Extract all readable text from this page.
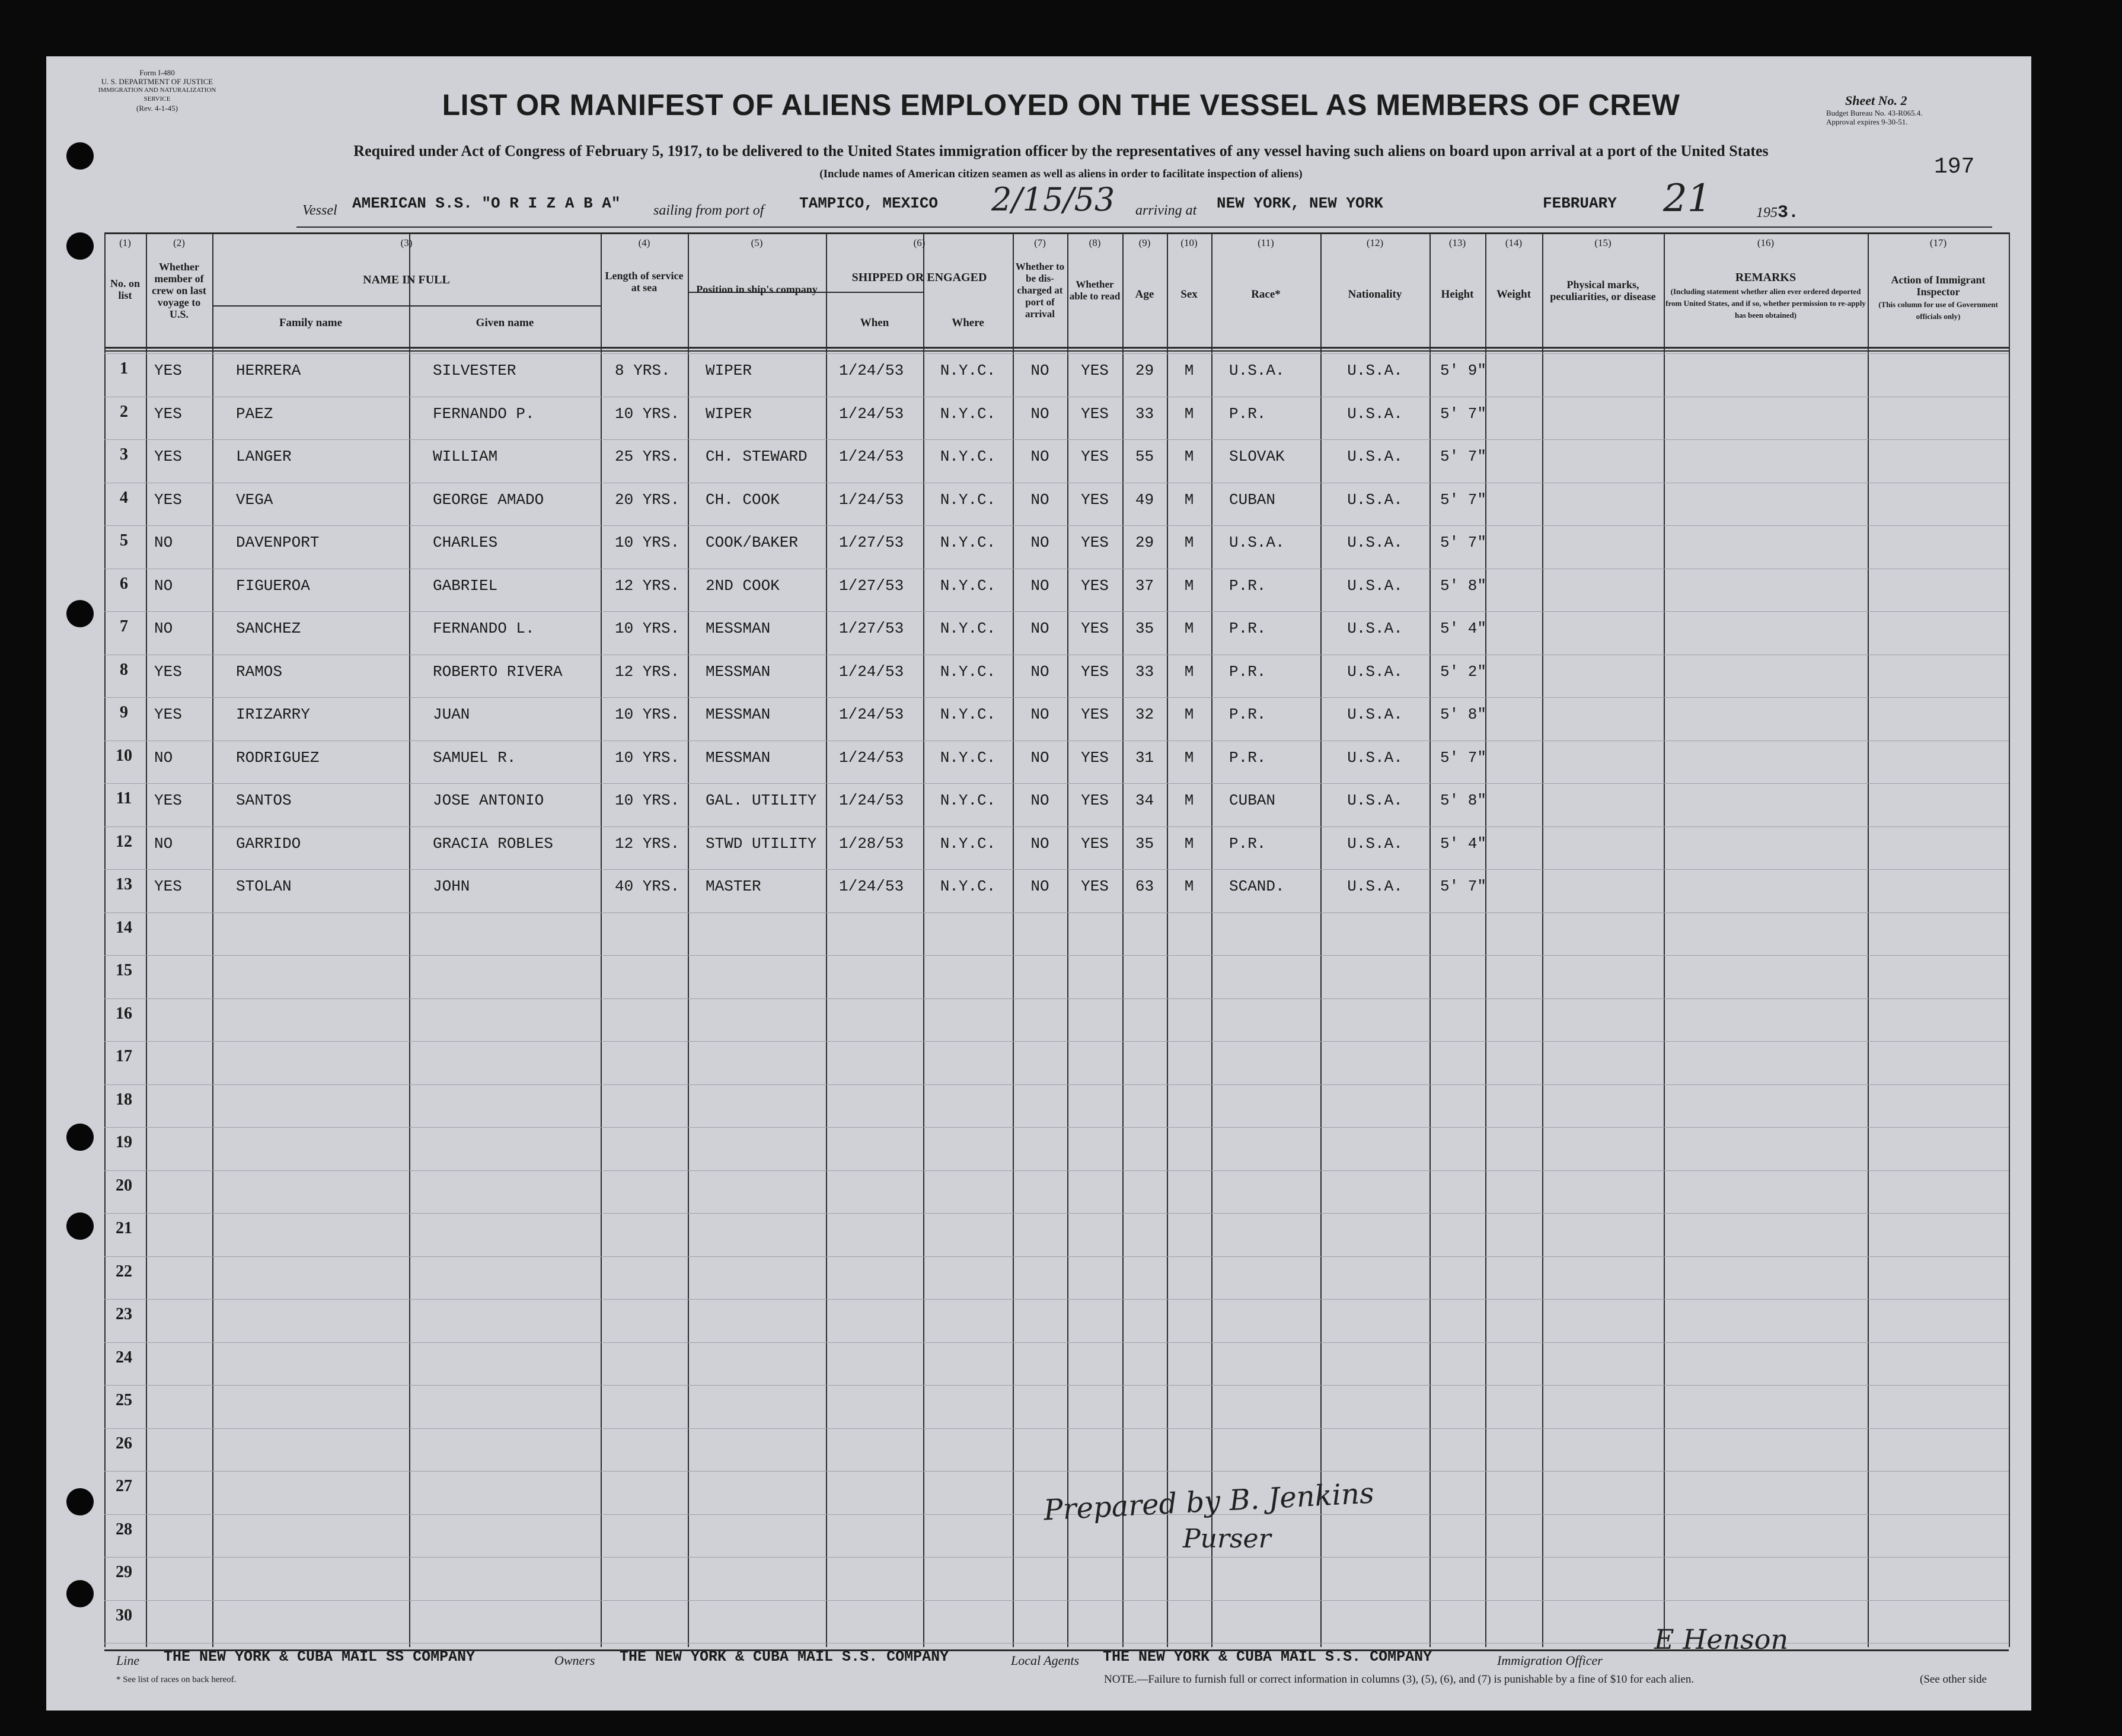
Form I-480
U. S. DEPARTMENT OF JUSTICE
IMMIGRATION AND NATURALIZATION SERVICE
(Rev. 4-1-45)	LIST OR MANIFEST OF ALIENS EMPLOYED ON THE VESSEL AS MEMBERS OF CREW	Sheet No. 2
Budget Bureau No. 43-R065.4.
Approval expires 9-30-51.
197
Required under Act of Congress of February 5, 1917, to be delivered to the United States immigration officer by the representatives of any vessel having such aliens on board upon arrival at a port of the United States
(Include names of American citizen seamen as well as aliens in order to facilitate inspection of aliens)
Vessel AMERICAN S.S. "O R I Z A B A" sailing from port of TAMPICO, MEXICO 2/15/53 arriving at NEW YORK, NEW YORK	FEBRUARY 21	1953.
(1)	(2)	(3)	(4)	(5)	(6)	(7)	(8)	(9)	(10)	(11)	(12)	(13)	(14)	(15)	(16)	(17)
No. on list
Whether member of crew on last voyage to U.S.
NAME IN FULL
Family name	Given name
Length of service at sea	Position in ship's company
SHIPPED OR ENGAGED
When	Where
Whether to be dis-charged at port of arrival
Whether able to read	Age	Sex	Race*	Nationality	Height	Weight
Physical marks, peculiarities, or disease
REMARKS
(Including statement whether alien ever ordered deported from United States, and if so, whether permission to re-apply has been obtained)
Action of Immigrant Inspector
(This column for use of Government officials only)
1	YES	HERRERA	SILVESTER	8 YRS. WIPER	1/24/53	N.Y.C.	NO	YES	29	M	U.S.A.	U.S.A.	5' 9"
2	YES	PAEZ	FERNANDO P.	10 YRS. WIPER	1/24/53	N.Y.C.	NO	YES	33	M	P.R.	U.S.A.	5' 7"
3	YES	LANGER	WILLIAM	25 YRS. CH. STEWARD 1/24/53	N.Y.C.	NO	YES	55	M	SLOVAK	U.S.A.	5' 7"
4	YES	VEGA	GEORGE AMADO	20 YRS. CH. COOK	1/24/53	N.Y.C.	NO	YES	49	M	CUBAN	U.S.A.	5' 7"
5	NO	DAVENPORT	CHARLES	10 YRS. COOK/BAKER	1/27/53	N.Y.C.	NO	YES	29	M	U.S.A.	U.S.A.	5' 7"
6	NO	FIGUEROA	GABRIEL	12 YRS. 2ND COOK	1/27/53	N.Y.C.	NO	YES	37	M	P.R.	U.S.A.	5' 8"
7	NO	SANCHEZ	FERNANDO L.	10 YRS. MESSMAN	1/27/53	N.Y.C.	NO	YES	35	M	P.R.	U.S.A.	5' 4"
8	YES	RAMOS	ROBERTO RIVERA	12 YRS. MESSMAN	1/24/53	N.Y.C.	NO	YES	33	M	P.R.	U.S.A.	5' 2"
9	YES	IRIZARRY	JUAN	10 YRS. MESSMAN	1/24/53	N.Y.C.	NO	YES	32	M	P.R.	U.S.A.	5' 8"
10	NO	RODRIGUEZ	SAMUEL R.	10 YRS. MESSMAN	1/24/53	N.Y.C.	NO	YES	31	M	P.R.	U.S.A.	5' 7"
11	YES	SANTOS	JOSE ANTONIO	10 YRS. GAL. UTILITY 1/24/53	N.Y.C.	NO	YES	34	M	CUBAN	U.S.A.	5' 8"
12	NO	GARRIDO	GRACIA ROBLES	12 YRS. STWD UTILITY 1/28/53	N.Y.C.	NO	YES	35	M	P.R.	U.S.A.	5' 4"
13	YES	STOLAN	JOHN	40 YRS. MASTER	1/24/53	N.Y.C.	NO	YES	63	M	SCAND.	U.S.A.	5' 7"
14
15
16
17
18
19
20
21
22
23
24
25
26
27
28
29
30
Prepared by B. Jenkins
Purser
Line THE NEW YORK & CUBA MAIL SS COMPANY	Owners THE NEW YORK & CUBA MAIL S.S. COMPANY	Local Agents THE NEW YORK & CUBA MAIL S.S. COMPANY	Immigration Officer
E Henson
* See list of races on back hereof.	NOTE.—Failure to furnish full or correct information in columns (3), (5), (6), and (7) is punishable by a fine of $10 for each alien.	(See other side
